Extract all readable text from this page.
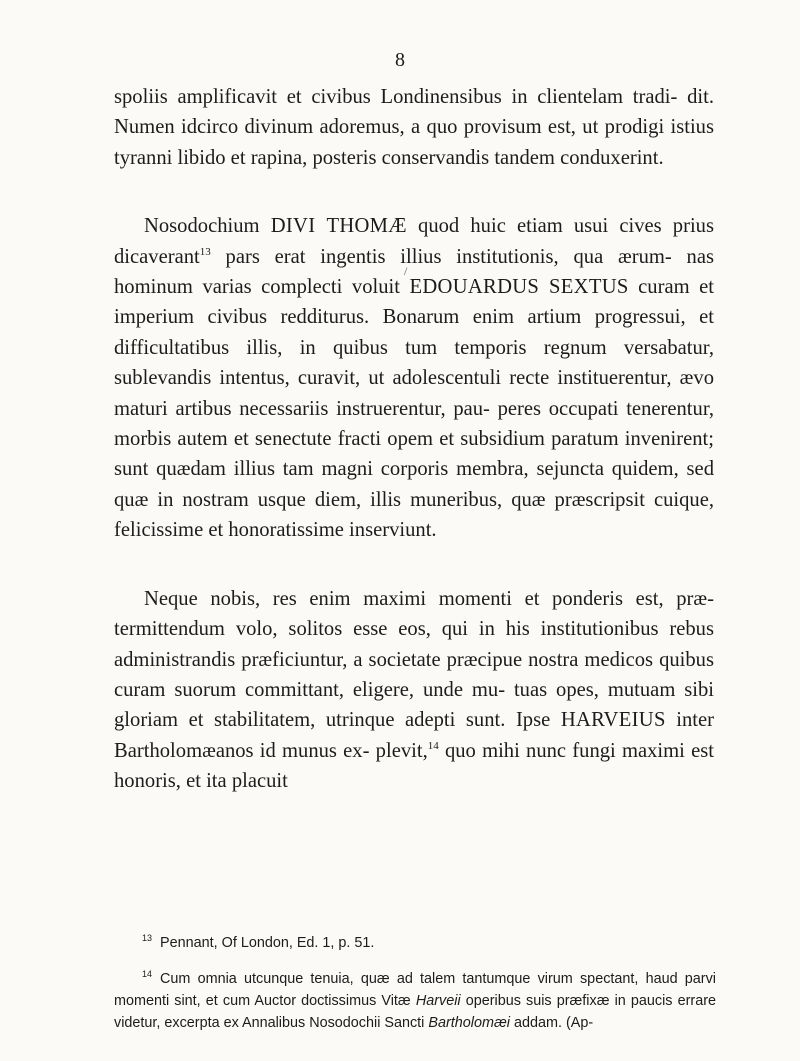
8
/

spoliis amplificavit et civibus Londinensibus in clientelam tradi- dit. Numen idcirco divinum adoremus, a quo provisum est, ut prodigi istius tyranni libido et rapina, posteris conservandis tandem conduxerint.

Nosodochium DIVI THOMÆ quod huic etiam usui cives prius dicaverant$^{13}$ pars erat ingentis illius institutionis, qua ærum- nas hominum varias complecti voluit EDOUARDUS SEXTUS curam et imperium civibus redditurus. Bonarum enim artium progressui, et difficultatibus illis, in quibus tum temporis regnum versabatur, sublevandis intentus, curavit, ut adolescentuli recte instituerentur, ævo maturi artibus necessariis instruerentur, pau- peres occupati tenerentur, morbis autem et senectute fracti opem et subsidium paratum invenirent; sunt quædam illius tam magni corporis membra, sejuncta quidem, sed quæ in nostram usque diem, illis muneribus, quæ præscripsit cuique, felicissime et honoratissime inserviunt.

Neque nobis, res enim maximi momenti et ponderis est, præ- termittendum volo, solitos esse eos, qui in his institutionibus rebus administrandis præficiuntur, a societate præcipue nostra medicos quibus curam suorum committant, eligere, unde mu- tuas opes, mutuam sibi gloriam et stabilitatem, utrinque adepti sunt. Ipse HARVEIUS inter Bartholomæanos id munus ex- plevit,$^{14}$ quo mihi nunc fungi maximi est honoris, et ita placuit

$^{13}$ Pennant, Of London, Ed. 1, p. 51.

$^{14}$ Cum omnia utcunque tenuia, quæ ad talem tantumque virum spectant, haud parvi momenti sint, et cum Auctor doctissimus Vitæ Harveii operibus suis præfixæ in paucis errare videtur, excerpta ex Annalibus Nosodochii Sancti Bartholomæi addam. (Ap-
